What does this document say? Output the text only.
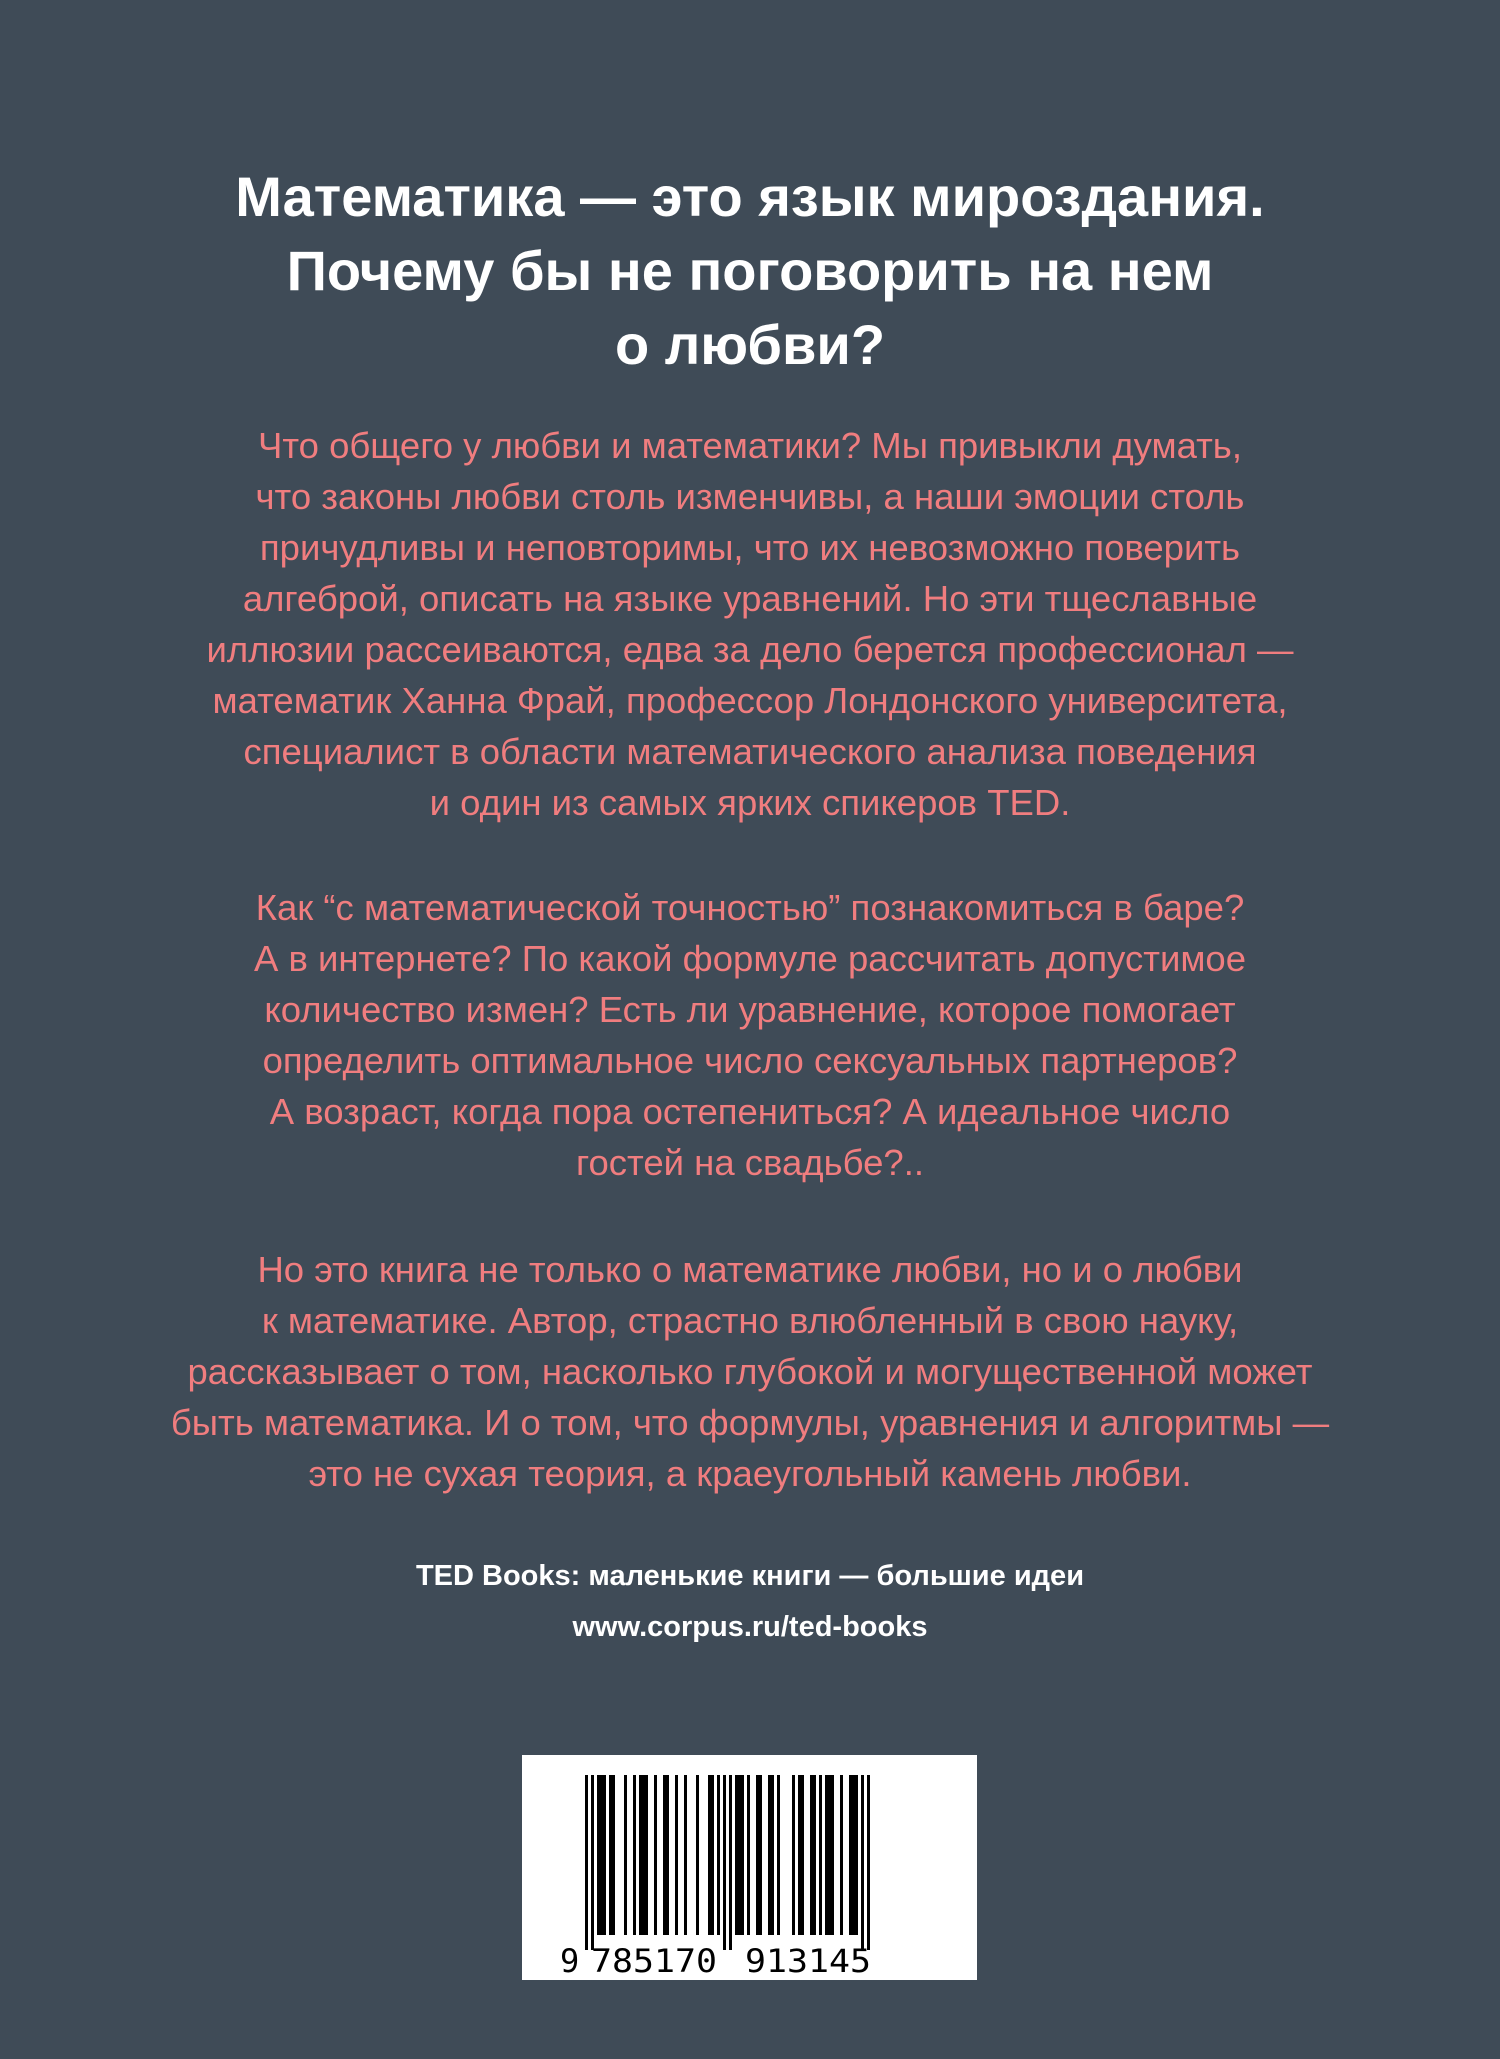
Математика — это язык мироздания.
Почему бы не поговорить на нем
о любви?

Что общего у любви и математики? Мы привыкли думать,
что законы любви столь изменчивы, а наши эмоции столь
причудливы и неповторимы, что их невозможно поверить
алгеброй, описать на языке уравнений. Но эти тщеславные
иллюзии рассеиваются, едва за дело берется профессионал —
математик Ханна Фрай, профессор Лондонского университета,
специалист в области математического анализа поведения
и один из самых ярких спикеров TED.

Как “с математической точностью” познакомиться в баре?
А в интернете? По какой формуле рассчитать допустимое
количество измен? Есть ли уравнение, которое помогает
определить оптимальное число сексуальных партнеров?
А возраст, когда пора остепениться? А идеальное число
гостей на свадьбе?..

Но это книга не только о математике любви, но и о любви
к математике. Автор, страстно влюбленный в свою науку,
рассказывает о том, насколько глубокой и могущественной может
быть математика. И о том, что формулы, уравнения и алгоритмы —
это не сухая теория, а краеугольный камень любви.

TED Books: маленькие книги — большие идеи

www.corpus.ru/ted-books

9 785170 913145
